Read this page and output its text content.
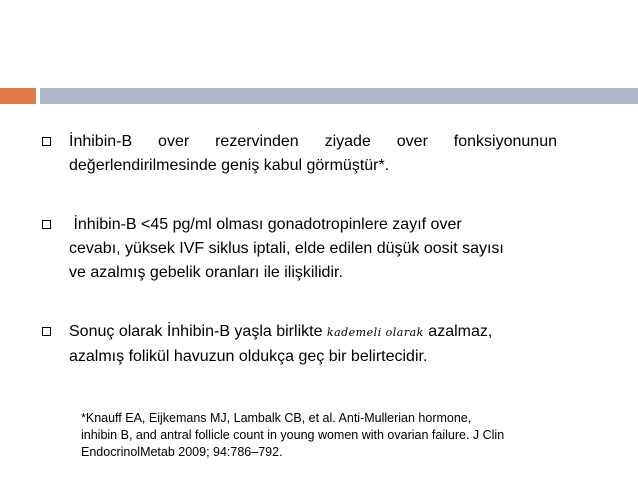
İnhibin-B over rezervinden ziyade over fonksiyonunun
değerlendirilmesinde geniş kabul görmüştür*.
İnhibin-B <45 pg/ml olması gonadotropinlere zayıf over
cevabı, yüksek IVF siklus iptali, elde edilen düşük oosit sayısı
ve azalmış gebelik oranları ile ilişkilidir.
Sonuç olarak İnhibin-B yaşla birlikte kademeli olarak azalmaz,
azalmış folikül havuzun oldukça geç bir belirtecidir.
*Knauff EA, Eijkemans MJ, Lambalk CB, et al. Anti-Mullerian hormone,
inhibin B, and antral follicle count in young women with ovarian failure. J Clin
EndocrinolMetab 2009; 94:786–792.
